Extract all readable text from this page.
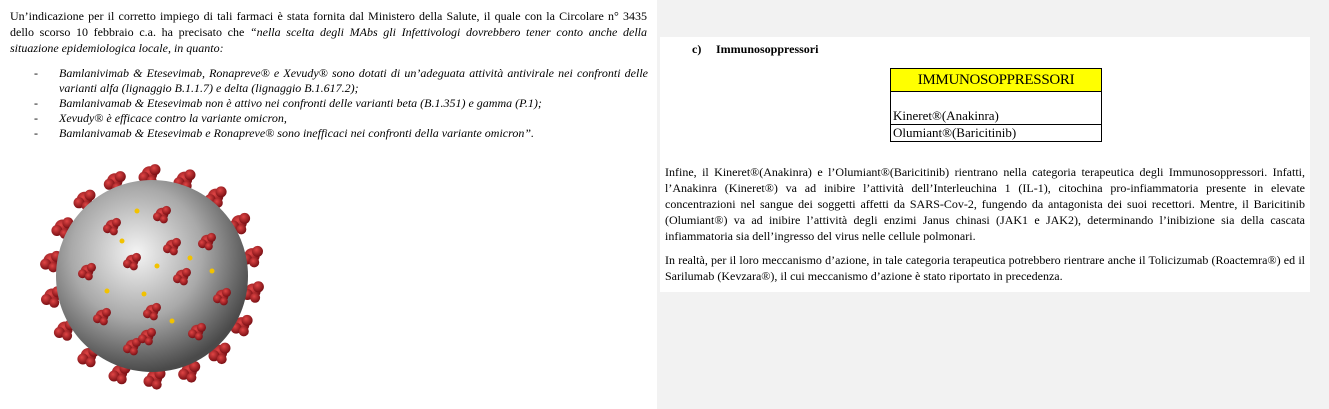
Un’indicazione per il corretto impiego di tali farmaci è stata fornita dal Ministero della Salute, il quale con la Circolare n° 3435 dello scorso 10 febbraio c.a. ha precisato che “nella scelta degli MAbs gli Infettivologi dovrebbero tener conto anche della situazione epidemiologica locale, in quanto:

- Bamlanivimab & Etesevimab, Ronapreve® e Xevudy® sono dotati di un’adeguata attività antivirale nei confronti delle varianti alfa (lignaggio B.1.1.7) e delta (lignaggio B.1.617.2);
- Bamlanivamab & Etesevimab non è attivo nei confronti delle varianti beta (B.1.351) e gamma (P.1);
- Xevudy® è efficace contro la variante omicron,
- Bamlanivamab & Etesevimab e Ronapreve® sono inefficaci nei confronti della variante omicron”.
c) Immunosoppressori
IMMUNOSOPPRESSORI

Kineret®(Anakinra)
Olumiant®(Baricitinib)

Infine, il Kineret®(Anakinra) e l’Olumiant®(Baricitinib) rientrano nella categoria terapeutica degli Immunosoppressori. Infatti, l’Anakinra (Kineret®) va ad inibire l’attività dell’Interleuchina 1 (IL-1), citochina pro-infiammatoria presente in elevate concentrazioni nel sangue dei soggetti affetti da SARS-Cov-2, fungendo da antagonista dei suoi recettori. Mentre, il Baricitinib (Olumiant®) va ad inibire l’attività degli enzimi Janus chinasi (JAK1 e JAK2), determinando l’inibizione sia della cascata infiammatoria sia dell’ingresso del virus nelle cellule polmonari.

In realtà, per il loro meccanismo d’azione, in tale categoria terapeutica potrebbero rientrare anche il Tolicizumab (Roactemra®) ed il Sarilumab (Kevzara®), il cui meccanismo d’azione è stato riportato in precedenza.
